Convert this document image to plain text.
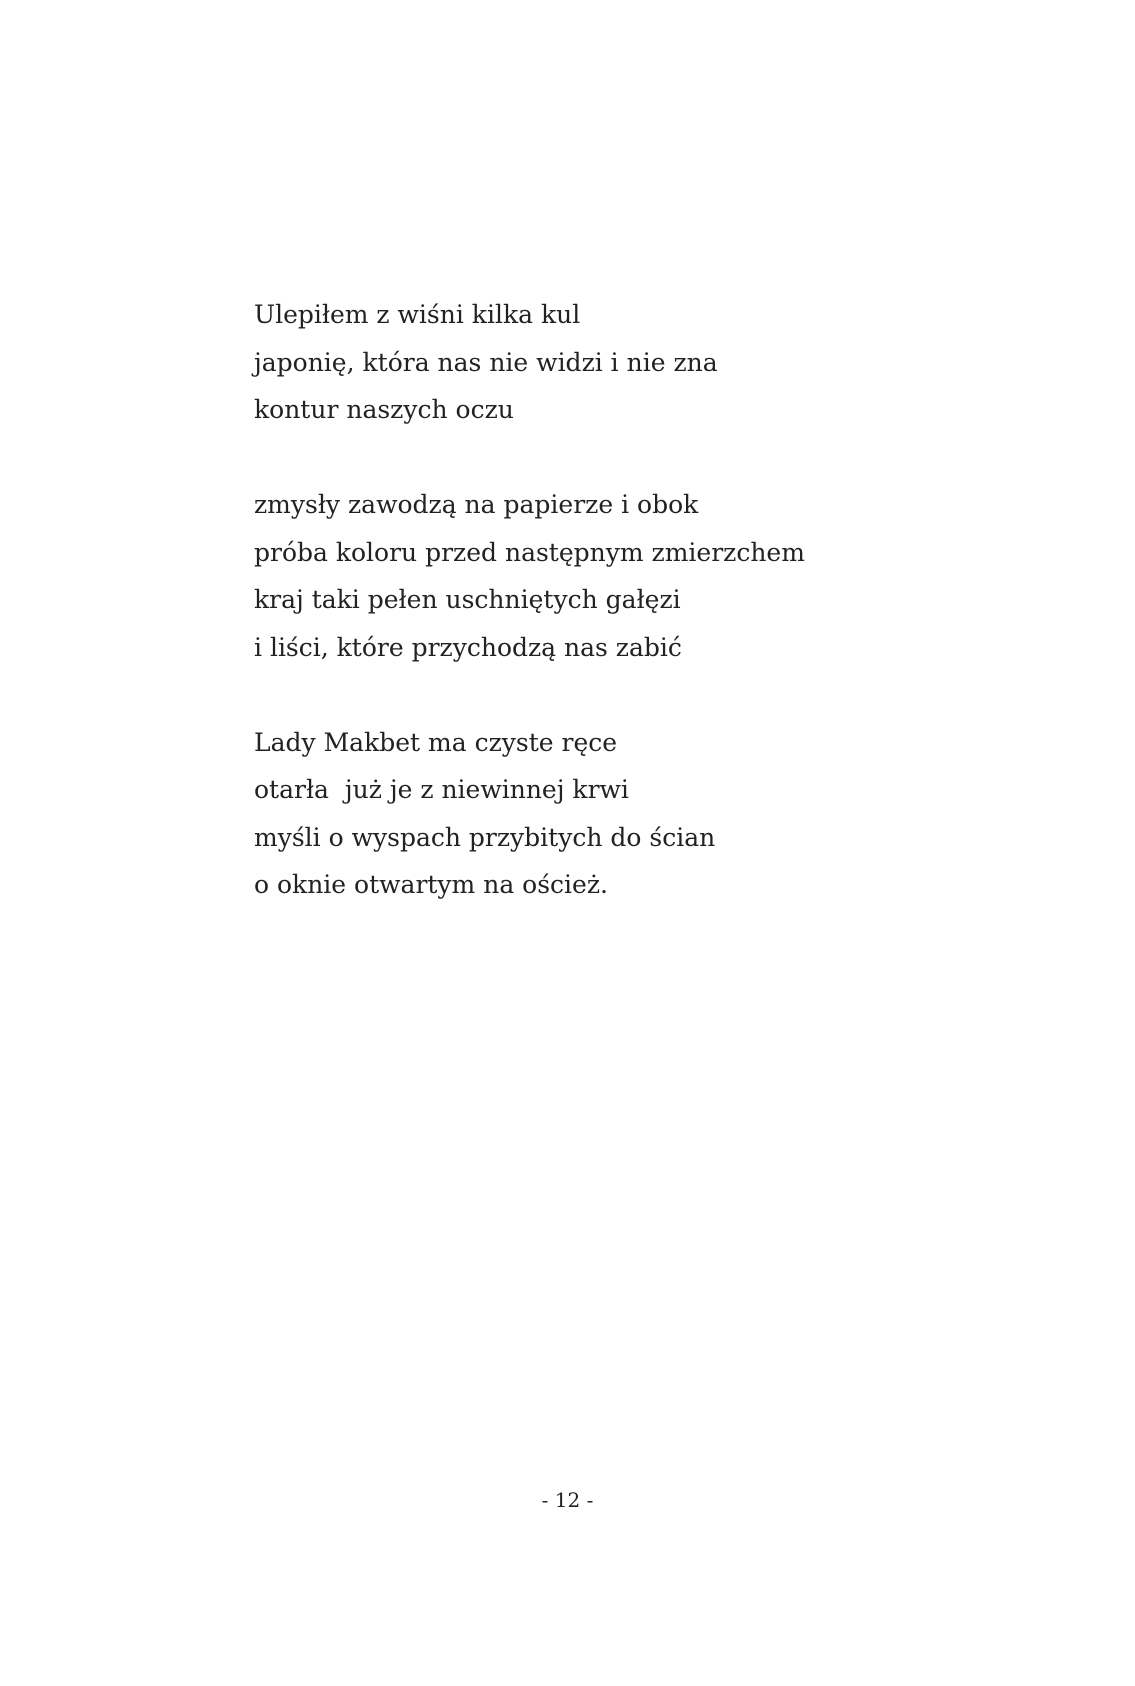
Ulepiłem z wiśni kilka kul
japonię, która nas nie widzi i nie zna
kontur naszych oczu
zmysły zawodzą na papierze i obok
próba koloru przed następnym zmierzchem
kraj taki pełen uschniętych gałęzi
i liści, które przychodzą nas zabić
Lady Makbet ma czyste ręce
otarła  już je z niewinnej krwi
myśli o wyspach przybitych do ścian
o oknie otwartym na oścież.
- 12 -
